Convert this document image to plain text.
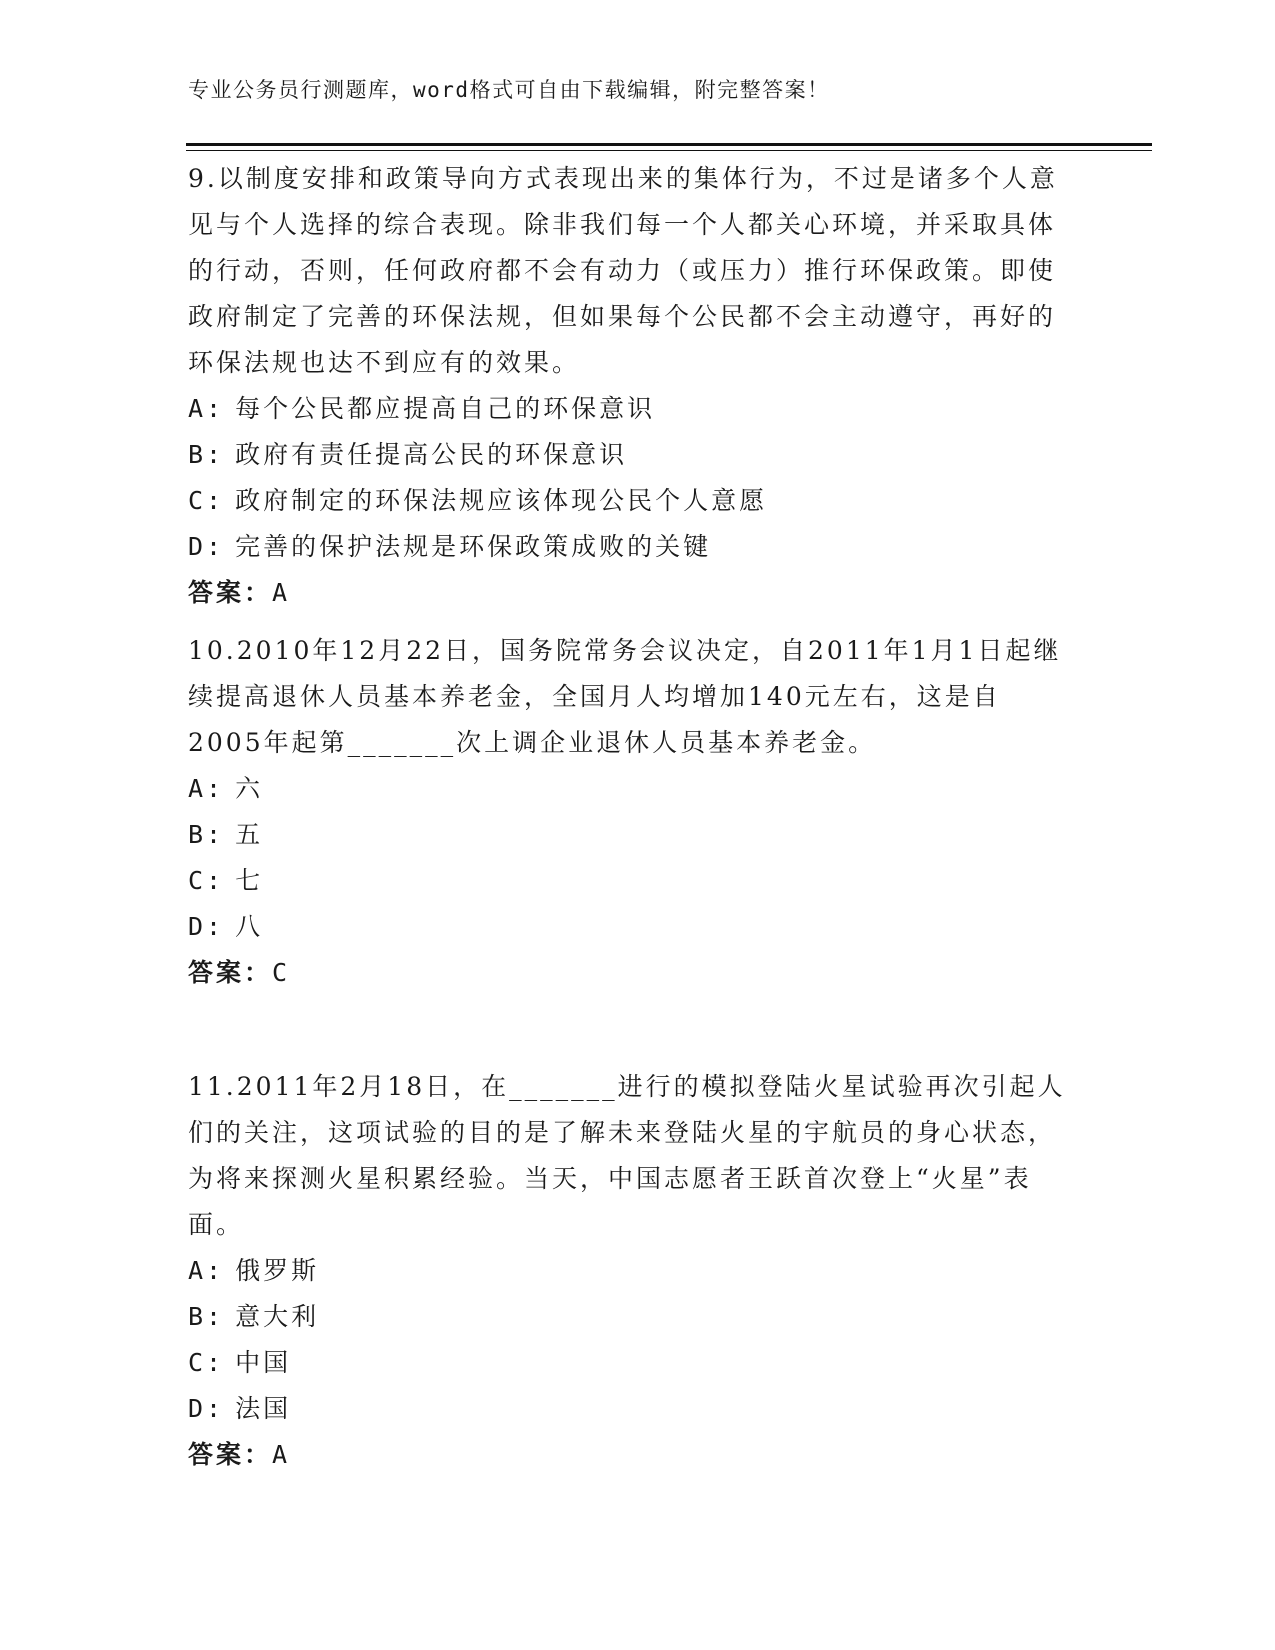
专业公务员行测题库，word格式可自由下载编辑，附完整答案！

9.以制度安排和政策导向方式表现出来的集体行为，不过是诸多个人意见与个人选择的综合表现。除非我们每一个人都关心环境，并采取具体的行动，否则，任何政府都不会有动力（或压力）推行环保政策。即使政府制定了完善的环保法规，但如果每个公民都不会主动遵守，再好的环保法规也达不到应有的效果。

A: 每个公民都应提高自己的环保意识

B: 政府有责任提高公民的环保意识

C: 政府制定的环保法规应该体现公民个人意愿

D: 完善的保护法规是环保政策成败的关键

答案：A

10.2010年12月22日，国务院常务会议决定，自2011年1月1日起继续提高退休人员基本养老金，全国月人均增加140元左右，这是自2005年起第_______次上调企业退休人员基本养老金。

A: 六

B: 五

C: 七

D: 八

答案：C

11.2011年2月18日，在_______进行的模拟登陆火星试验再次引起人们的关注，这项试验的目的是了解未来登陆火星的宇航员的身心状态，为将来探测火星积累经验。当天，中国志愿者王跃首次登上“火星”表面。

A: 俄罗斯

B: 意大利

C: 中国

D: 法国

答案：A
